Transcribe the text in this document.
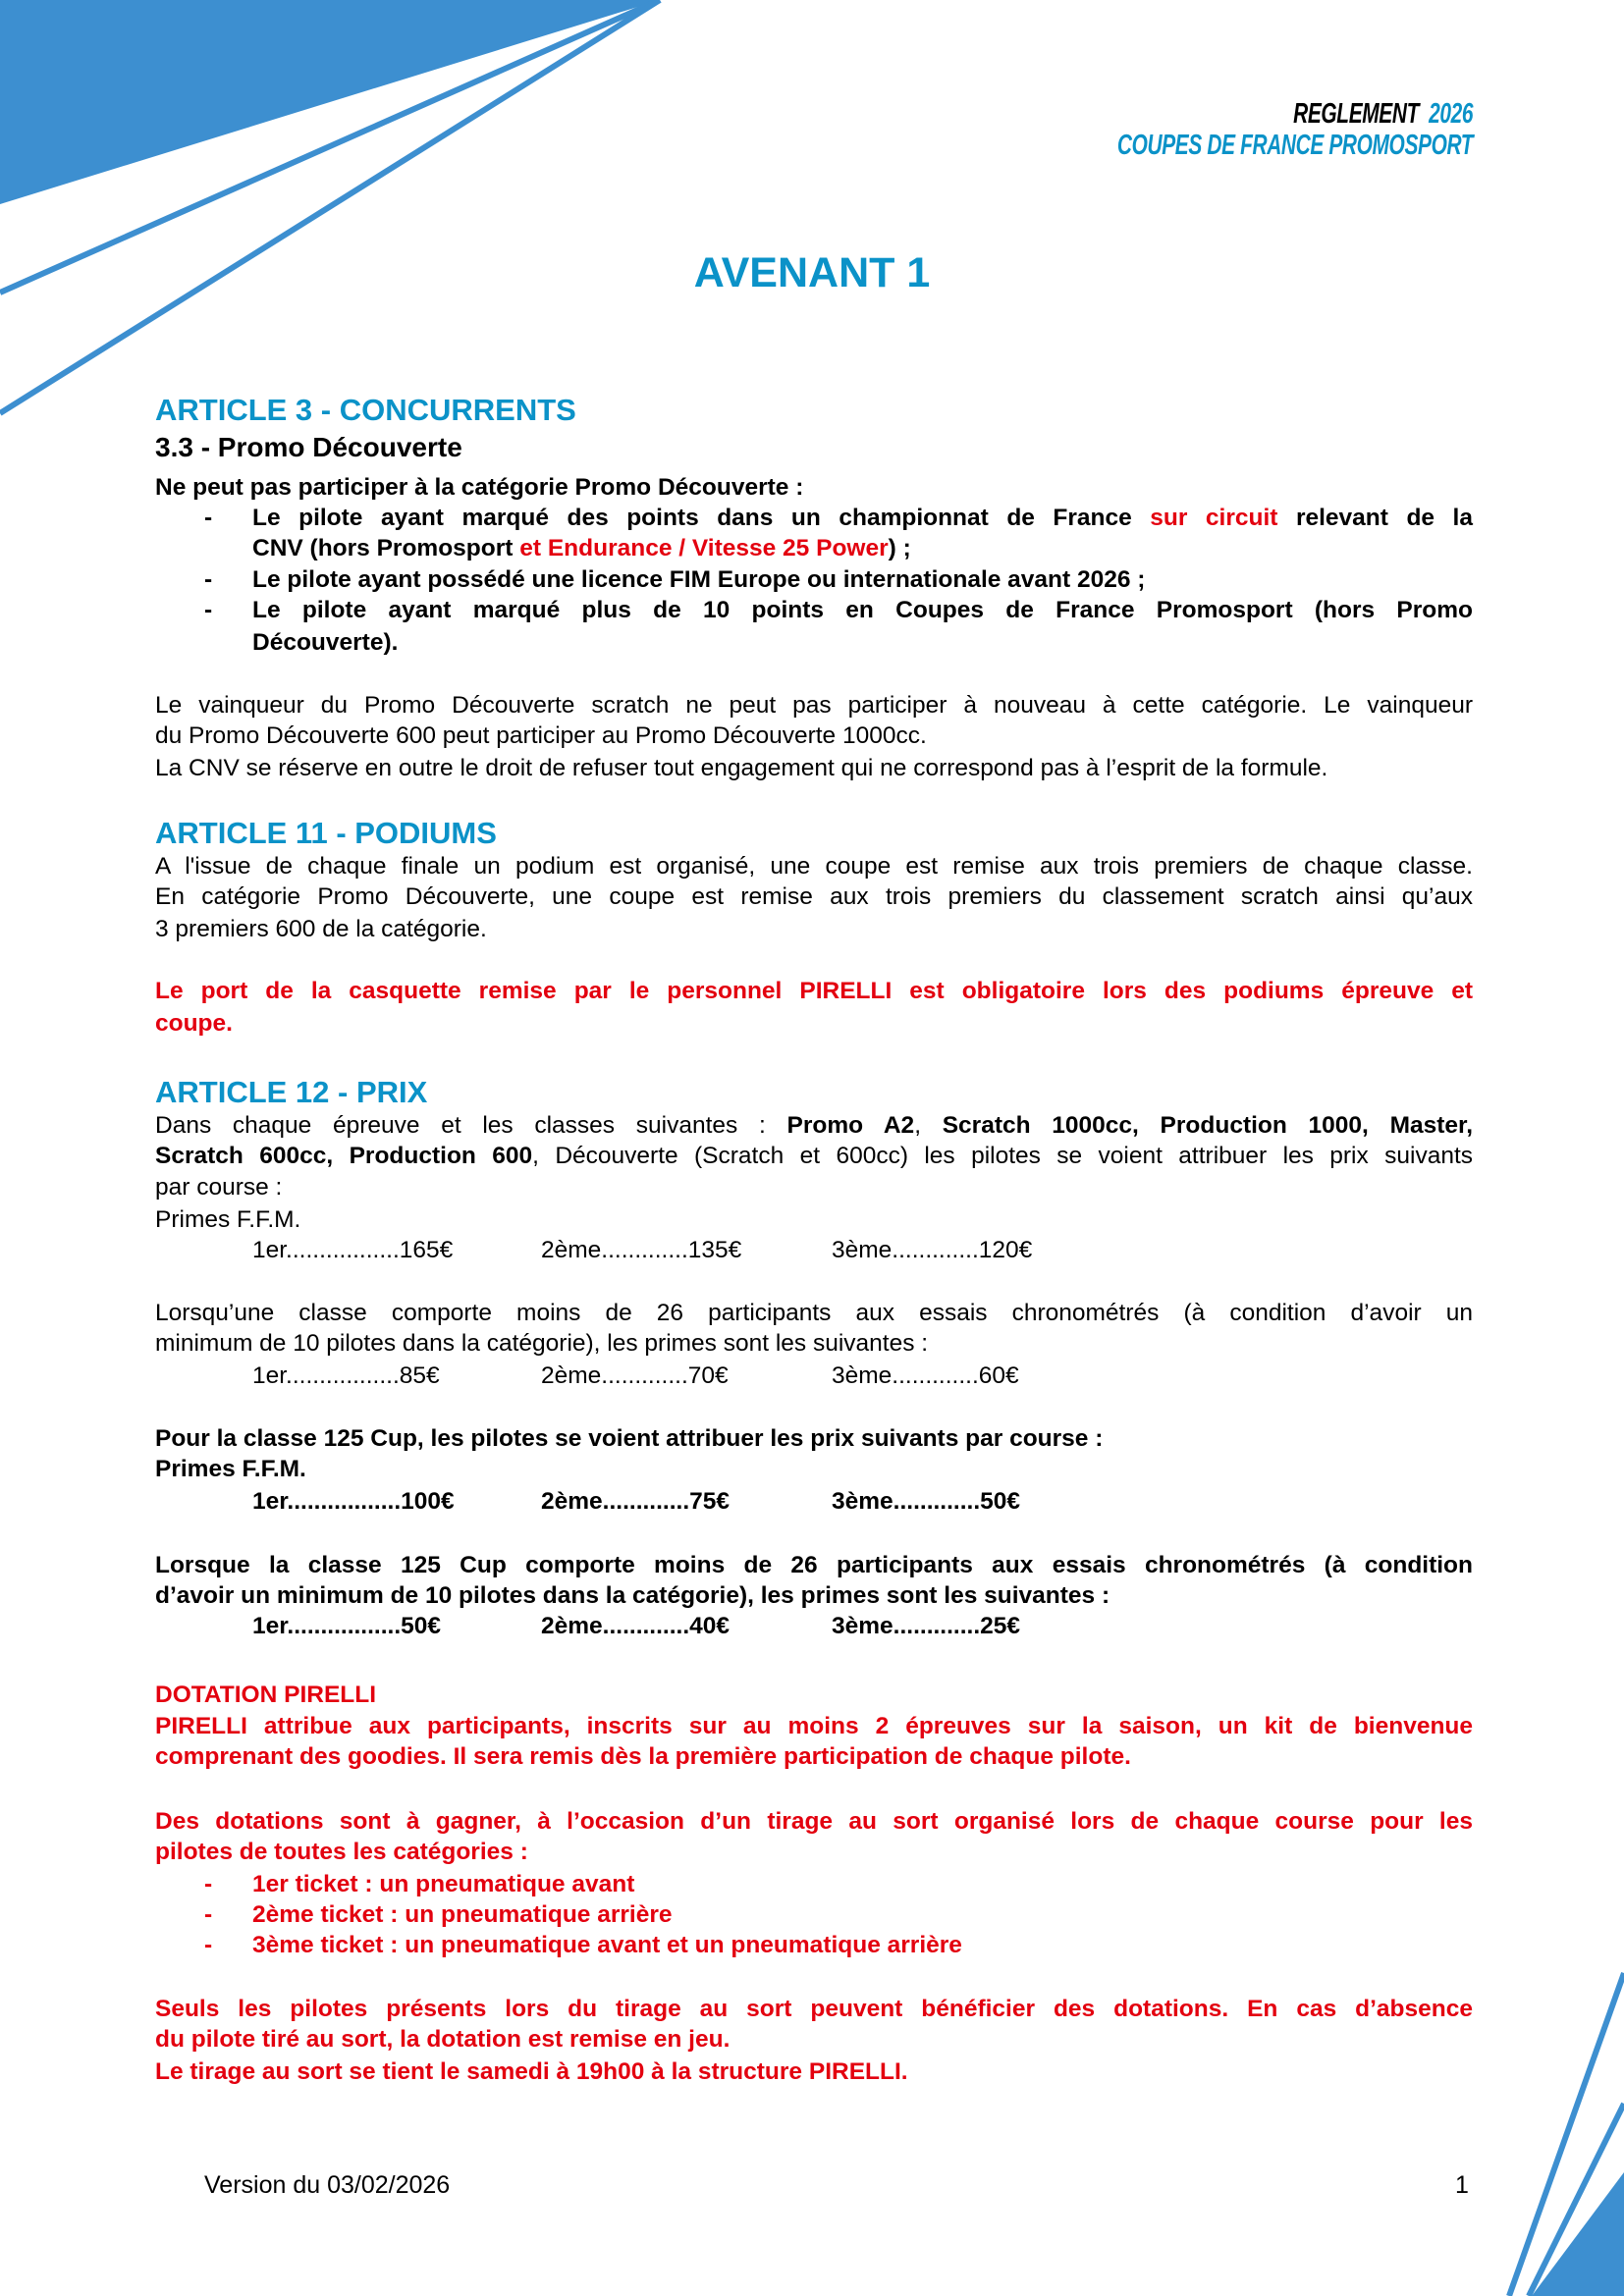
REGLEMENT 2026
COUPES DE FRANCE PROMOSPORT
AVENANT 1
ARTICLE 3 - CONCURRENTS
3.3 - Promo Découverte
Ne peut pas participer à la catégorie Promo Découverte :
- Le pilote ayant marqué des points dans un championnat de France sur circuit relevant de la
CNV (hors Promosport et Endurance / Vitesse 25 Power) ;
- Le pilote ayant possédé une licence FIM Europe ou internationale avant 2026 ;
- Le pilote ayant marqué plus de 10 points en Coupes de France Promosport (hors Promo
Découverte).
Le vainqueur du Promo Découverte scratch ne peut pas participer à nouveau à cette catégorie. Le vainqueur
du Promo Découverte 600 peut participer au Promo Découverte 1000cc.
La CNV se réserve en outre le droit de refuser tout engagement qui ne correspond pas à l’esprit de la formule.
ARTICLE 11 - PODIUMS
A l'issue de chaque finale un podium est organisé, une coupe est remise aux trois premiers de chaque classe.
En catégorie Promo Découverte, une coupe est remise aux trois premiers du classement scratch ainsi qu’aux
3 premiers 600 de la catégorie.
Le port de la casquette remise par le personnel PIRELLI est obligatoire lors des podiums épreuve et
coupe.
ARTICLE 12 - PRIX
Dans chaque épreuve et les classes suivantes : Promo A2, Scratch 1000cc, Production 1000, Master,
Scratch 600cc, Production 600, Découverte (Scratch et 600cc) les pilotes se voient attribuer les prix suivants
par course :
Primes F.F.M.
1er.................165€	2ème.............135€	3ème.............120€
Lorsqu’une classe comporte moins de 26 participants aux essais chronométrés (à condition d’avoir un
minimum de 10 pilotes dans la catégorie), les primes sont les suivantes :
1er.................85€	2ème.............70€	3ème.............60€
Pour la classe 125 Cup, les pilotes se voient attribuer les prix suivants par course :
Primes F.F.M.
1er.................100€	2ème.............75€	3ème.............50€
Lorsque la classe 125 Cup comporte moins de 26 participants aux essais chronométrés (à condition
d’avoir un minimum de 10 pilotes dans la catégorie), les primes sont les suivantes :
1er.................50€	2ème.............40€	3ème.............25€
DOTATION PIRELLI
PIRELLI attribue aux participants, inscrits sur au moins 2 épreuves sur la saison, un kit de bienvenue
comprenant des goodies. Il sera remis dès la première participation de chaque pilote.
Des dotations sont à gagner, à l’occasion d’un tirage au sort organisé lors de chaque course pour les
pilotes de toutes les catégories :
- 1er ticket : un pneumatique avant
- 2ème ticket : un pneumatique arrière
- 3ème ticket : un pneumatique avant et un pneumatique arrière
Seuls les pilotes présents lors du tirage au sort peuvent bénéficier des dotations. En cas d’absence
du pilote tiré au sort, la dotation est remise en jeu.
Le tirage au sort se tient le samedi à 19h00 à la structure PIRELLI.
Version du 03/02/2026	1
